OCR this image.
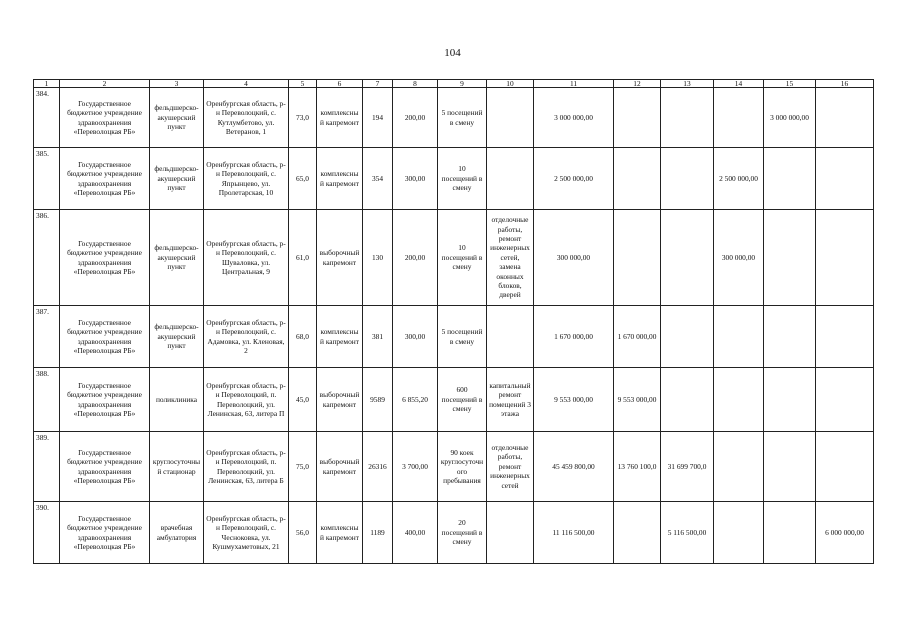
104
1	2	3	4	5	6	7	8	9	10	11	12	13	14	15	16
384.	Государственное бюджетное учреждение здравоохранения «Переволоцкая РБ»	фельдшерско-акушерский пункт	Оренбургская область, р-н Переволоцкий, с. Кутлумбетово, ул. Ветеранов, 1	73,0	комплексный капремонт	194	200,00	5 посещений в смену		3 000 000,00				3 000 000,00	
385.	Государственное бюджетное учреждение здравоохранения «Переволоцкая РБ»	фельдшерско-акушерский пункт	Оренбургская область, р-н Переволоцкий, с. Япрынцево, ул. Пролетарская, 10	65,0	комплексный капремонт	354	300,00	10 посещений в смену		2 500 000,00			2 500 000,00		
386.	Государственное бюджетное учреждение здравоохранения «Переволоцкая РБ»	фельдшерско-акушерский пункт	Оренбургская область, р-н Переволоцкий, с. Шуваловка, ул. Центральная, 9	61,0	выборочный капремонт	130	200,00	10 посещений в смену	отделочные работы, ремонт инженерных сетей, замена оконных блоков, дверей	300 000,00			300 000,00		
387.	Государственное бюджетное учреждение здравоохранения «Переволоцкая РБ»	фельдшерско-акушерский пункт	Оренбургская область, р-н Переволоцкий, с. Адамовка, ул. Кленовая, 2	68,0	комплексный капремонт	381	300,00	5 посещений в смену		1 670 000,00	1 670 000,00				
388.	Государственное бюджетное учреждение здравоохранения «Переволоцкая РБ»	поликлиника	Оренбургская область, р-н Переволоцкий, п. Переволоцкий, ул. Ленинская, 63, литера П	45,0	выборочный капремонт	9589	6 855,20	600 посещений в смену	капитальный ремонт помещений 3 этажа	9 553 000,00	9 553 000,00				
389.	Государственное бюджетное учреждение здравоохранения «Переволоцкая РБ»	круглосуточный стационар	Оренбургская область, р-н Переволоцкий, п. Переволоцкий, ул. Ленинская, 63, литера Б	75,0	выборочный капремонт	26316	3 700,00	90 коек круглосуточного пребывания	отделочные работы, ремонт инженерных сетей	45 459 800,00	13 760 100,0	31 699 700,0			
390.	Государственное бюджетное учреждение здравоохранения «Переволоцкая РБ»	врачебная амбулатория	Оренбургская область, р-н Переволоцкий, с. Чесноковка, ул. Кушмухаметовых, 21	56,0	комплексный капремонт	1189	400,00	20 посещений в смену		11 116 500,00		5 116 500,00			6 000 000,00
